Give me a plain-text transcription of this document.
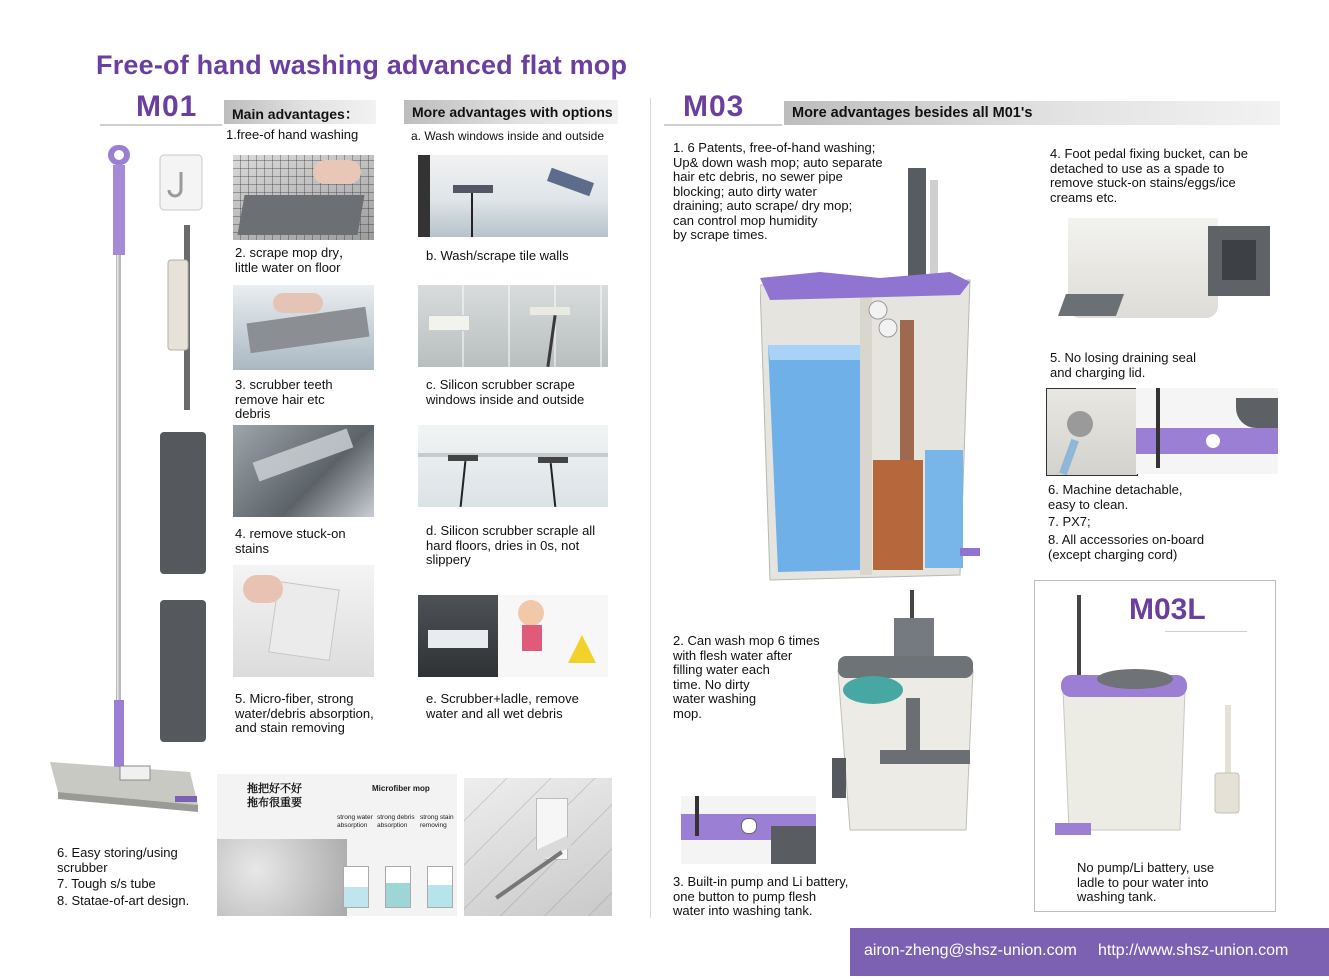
Free-of hand washing advanced flat mop
M01 Main advantages：	More advantages with options
1.free-of hand washing
2. scrape mop dry，
little water on floor
3. scrubber teeth
remove hair etc
debris
4. remove stuck-on
stains
5. Micro-fiber, strong
water/debris absorption,
and stain removing
a. Wash windows inside and outside
b. Wash/scrape tile walls
c. Silicon scrubber scrape
windows inside and outside
d. Silicon scrubber scraple all
hard floors, dries in 0s, not
slippery
e. Scrubber+ladle, remove
water and all wet debris
拖把好不好
拖布很重要
Microfiber mop
strong water
absorption
strong debris
absorption
strong stain
removing
6. Easy storing/using
scrubber
7. Tough s/s tube
8. Statae-of-art design.
M03	More advantages besides all M01's
1. 6 Patents, free-of-hand washing;
Up& down wash mop; auto separate
hair etc debris, no sewer pipe
blocking; auto dirty water
draining; auto scrape/ dry mop;
can control mop humidity
by scrape times.
2. Can wash mop 6 times
with flesh water after
filling water each
time. No dirty
water washing
mop.
3. Built-in pump and Li battery,
one button to pump flesh
water into washing tank.
4. Foot pedal fixing bucket, can be
detached to use as a spade to
remove stuck-on stains/eggs/ice
creams etc.
5. No losing draining seal
and charging lid.
6. Machine detachable,
easy to clean.
7. PX7;
8. All accessories on-board
(except charging cord)
M03L
No pump/Li battery, use
ladle to pour water into
washing tank.
airon-zheng@shsz-union.com http://www.shsz-union.com
